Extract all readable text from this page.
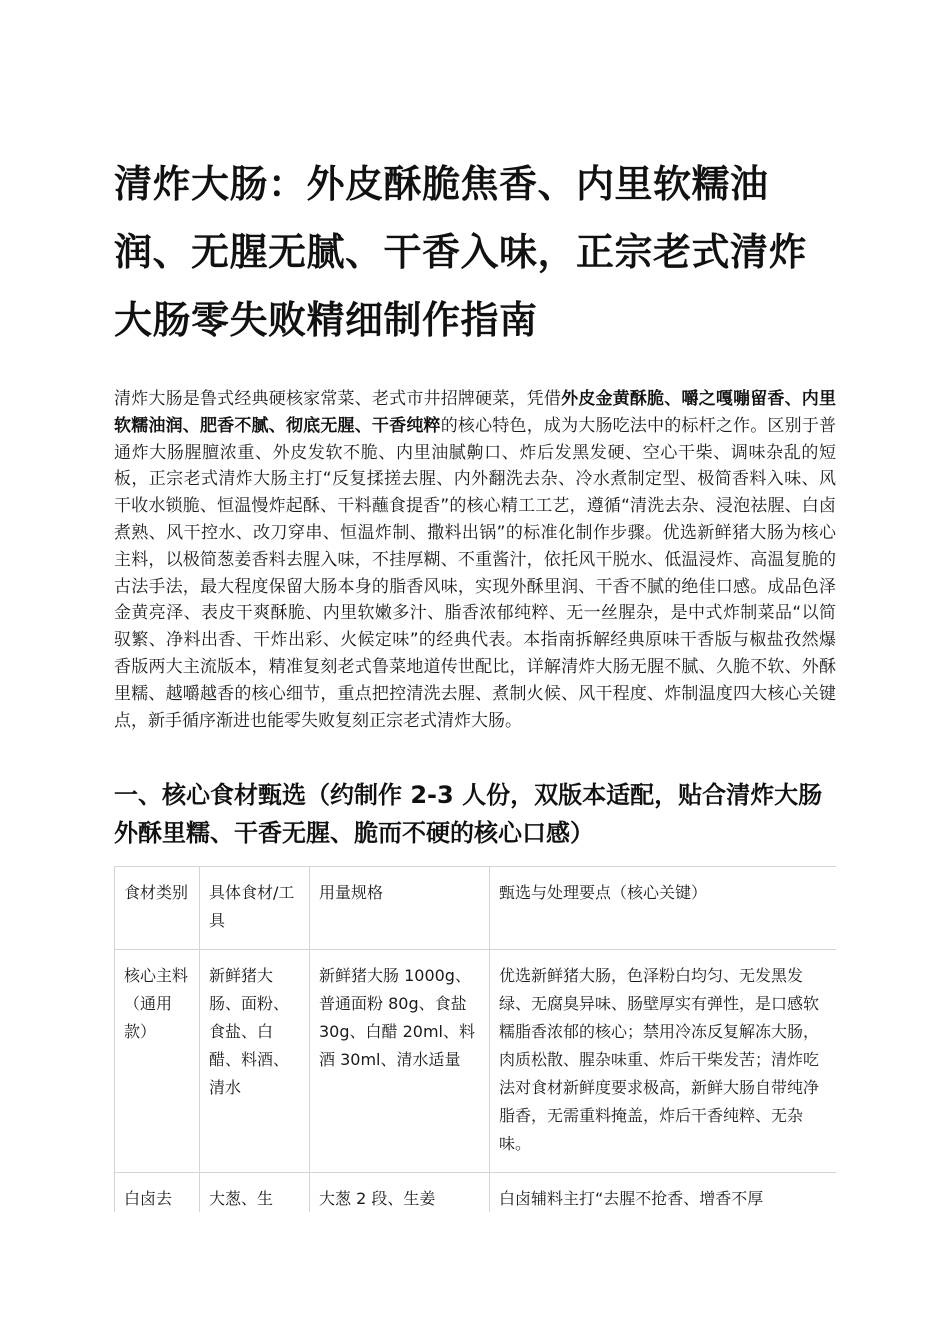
清炸大肠：外皮酥脆焦香、内里软糯油润、无腥无腻、干香入味，正宗老式清炸大肠零失败精细制作指南

清炸大肠是鲁式经典硬核家常菜、老式市井招牌硬菜，凭借外皮金黄酥脆、嚼之嘎嘣留香、内里软糯油润、肥香不腻、彻底无腥、干香纯粹的核心特色，成为大肠吃法中的标杆之作。区别于普通炸大肠腥膻浓重、外皮发软不脆、内里油腻齁口、炸后发黑发硬、空心干柴、调味杂乱的短板，正宗老式清炸大肠主打“反复揉搓去腥、内外翻洗去杂、冷水煮制定型、极简香料入味、风干收水锁脆、恒温慢炸起酥、干料蘸食提香”的核心精工工艺，遵循“清洗去杂、浸泡祛腥、白卤煮熟、风干控水、改刀穿串、恒温炸制、撒料出锅”的标准化制作步骤。优选新鲜猪大肠为核心主料，以极简葱姜香料去腥入味，不挂厚糊、不重酱汁，依托风干脱水、低温浸炸、高温复脆的古法手法，最大程度保留大肠本身的脂香风味，实现外酥里润、干香不腻的绝佳口感。成品色泽金黄亮泽、表皮干爽酥脆、内里软嫩多汁、脂香浓郁纯粹、无一丝腥杂，是中式炸制菜品“以简驭繁、净料出香、干炸出彩、火候定味”的经典代表。本指南拆解经典原味干香版与椒盐孜然爆香版两大主流版本，精准复刻老式鲁菜地道传世配比，详解清炸大肠无腥不腻、久脆不软、外酥里糯、越嚼越香的核心细节，重点把控清洗去腥、煮制火候、风干程度、炸制温度四大核心关键点，新手循序渐进也能零失败复刻正宗老式清炸大肠。

一、核心食材甄选（约制作 2-3 人份，双版本适配，贴合清炸大肠外酥里糯、干香无腥、脆而不硬的核心口感）
食材类别	具体食材/工具	用量规格	甄选与处理要点（核心关键）
核心主料（通用款）	新鲜猪大肠、面粉、食盐、白醋、料酒、清水	新鲜猪大肠 1000g、普通面粉 80g、食盐 30g、白醋 20ml、料酒 30ml、清水适量	优选新鲜猪大肠，色泽粉白均匀、无发黑发绿、无腐臭异味、肠壁厚实有弹性，是口感软糯脂香浓郁的核心；禁用冷冻反复解冻大肠，肉质松散、腥杂味重、炸后干柴发苦；清炸吃法对食材新鲜度要求极高，新鲜大肠自带纯净脂香，无需重料掩盖，炸后干香纯粹、无杂味。
白卤去	大葱、生	大葱 2 段、生姜	白卤辅料主打“去腥不抢香、增香不厚
